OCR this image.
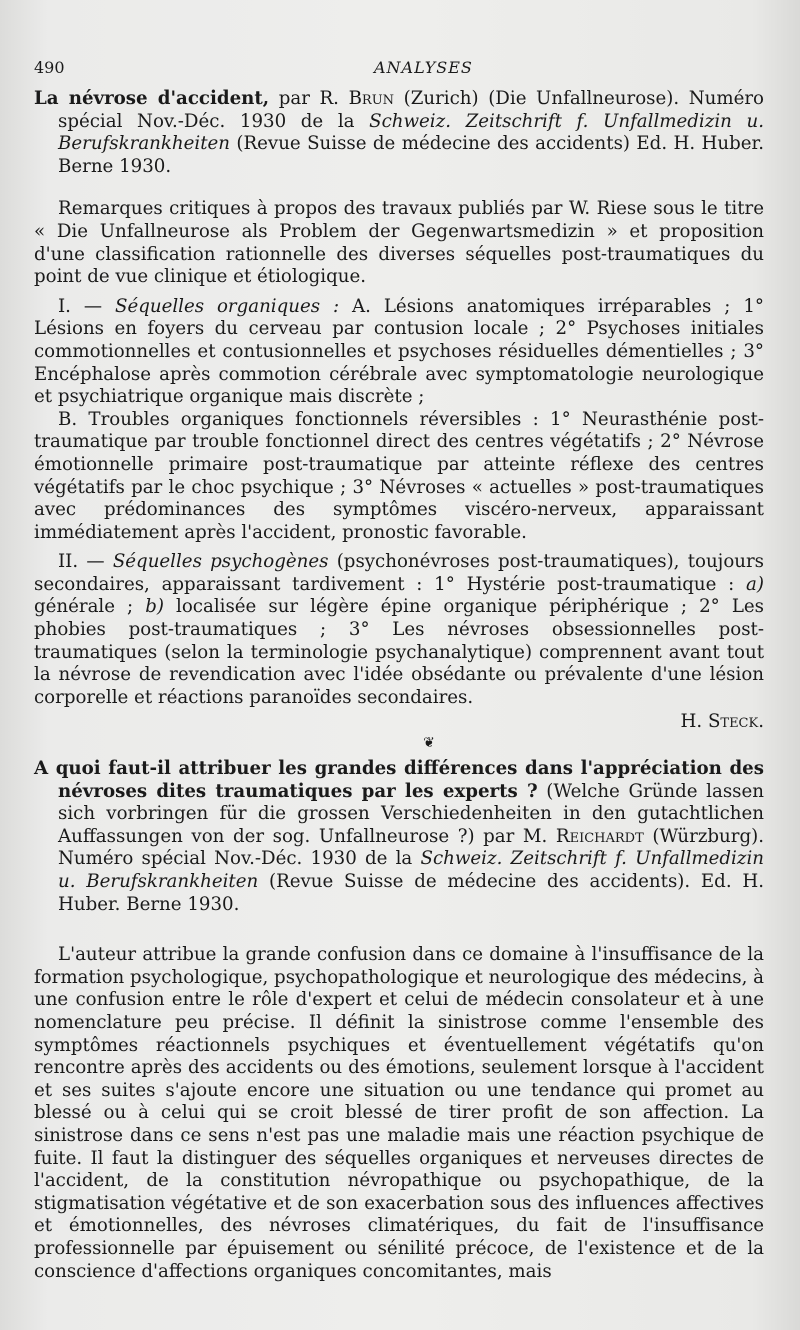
490	ANALYSES

La névrose d'accident, par R. Brun (Zurich) (Die Unfallneurose). Numéro spécial Nov.-Déc. 1930 de la Schweiz. Zeitschrift f. Unfallmedizin u. Berufskrankheiten (Revue Suisse de médecine des accidents) Ed. H. Huber. Berne 1930.

Remarques critiques à propos des travaux publiés par W. Riese sous le titre « Die Unfallneurose als Problem der Gegenwartsmedizin » et proposition d'une classification rationnelle des diverses séquelles post-traumatiques du point de vue clinique et étiologique.

I. — Séquelles organiques : A. Lésions anatomiques irréparables ; 1° Lésions en foyers du cerveau par contusion locale ; 2° Psychoses initiales commotionnelles et contusionnelles et psychoses résiduelles démentielles ; 3° Encéphalose après commotion cérébrale avec symptomatologie neurologique et psychiatrique organique mais discrète ;

B. Troubles organiques fonctionnels réversibles : 1° Neurasthénie post-traumatique par trouble fonctionnel direct des centres végétatifs ; 2° Névrose émotionnelle primaire post-traumatique par atteinte réflexe des centres végétatifs par le choc psychique ; 3° Névroses « actuelles » post-traumatiques avec prédominances des symptômes viscéro-nerveux, apparaissant immédiatement après l'accident, pronostic favorable.

II. — Séquelles psychogènes (psychonévroses post-traumatiques), toujours secondaires, apparaissant tardivement : 1° Hystérie post-traumatique : a) générale ; b) localisée sur légère épine organique périphérique ; 2° Les phobies post-traumatiques ; 3° Les névroses obsessionnelles post-traumatiques (selon la terminologie psychanalytique) comprennent avant tout la névrose de revendication avec l'idée obsédante ou prévalente d'une lésion corporelle et réactions paranoïdes secondaires.

H. Steck.
❦

A quoi faut-il attribuer les grandes différences dans l'appréciation des névroses dites traumatiques par les experts ? (Welche Gründe lassen sich vorbringen für die grossen Verschiedenheiten in den gutachtlichen Auffassungen von der sog. Unfallneurose ?) par M. Reichardt (Würzburg). Numéro spécial Nov.-Déc. 1930 de la Schweiz. Zeitschrift f. Unfallmedizin u. Berufskrankheiten (Revue Suisse de médecine des accidents). Ed. H. Huber. Berne 1930.

L'auteur attribue la grande confusion dans ce domaine à l'insuffisance de la formation psychologique, psychopathologique et neurologique des médecins, à une confusion entre le rôle d'expert et celui de médecin consolateur et à une nomenclature peu précise. Il définit la sinistrose comme l'ensemble des symptômes réactionnels psychiques et éventuellement végétatifs qu'on rencontre après des accidents ou des émotions, seulement lorsque à l'accident et ses suites s'ajoute encore une situation ou une tendance qui promet au blessé ou à celui qui se croit blessé de tirer profit de son affection. La sinistrose dans ce sens n'est pas une maladie mais une réaction psychique de fuite. Il faut la distinguer des séquelles organiques et nerveuses directes de l'accident, de la constitution névropathique ou psychopathique, de la stigmatisation végétative et de son exacerbation sous des influences affectives et émotionnelles, des névroses climatériques, du fait de l'insuffisance professionnelle par épuisement ou sénilité précoce, de l'existence et de la conscience d'affections organiques concomitantes, mais
